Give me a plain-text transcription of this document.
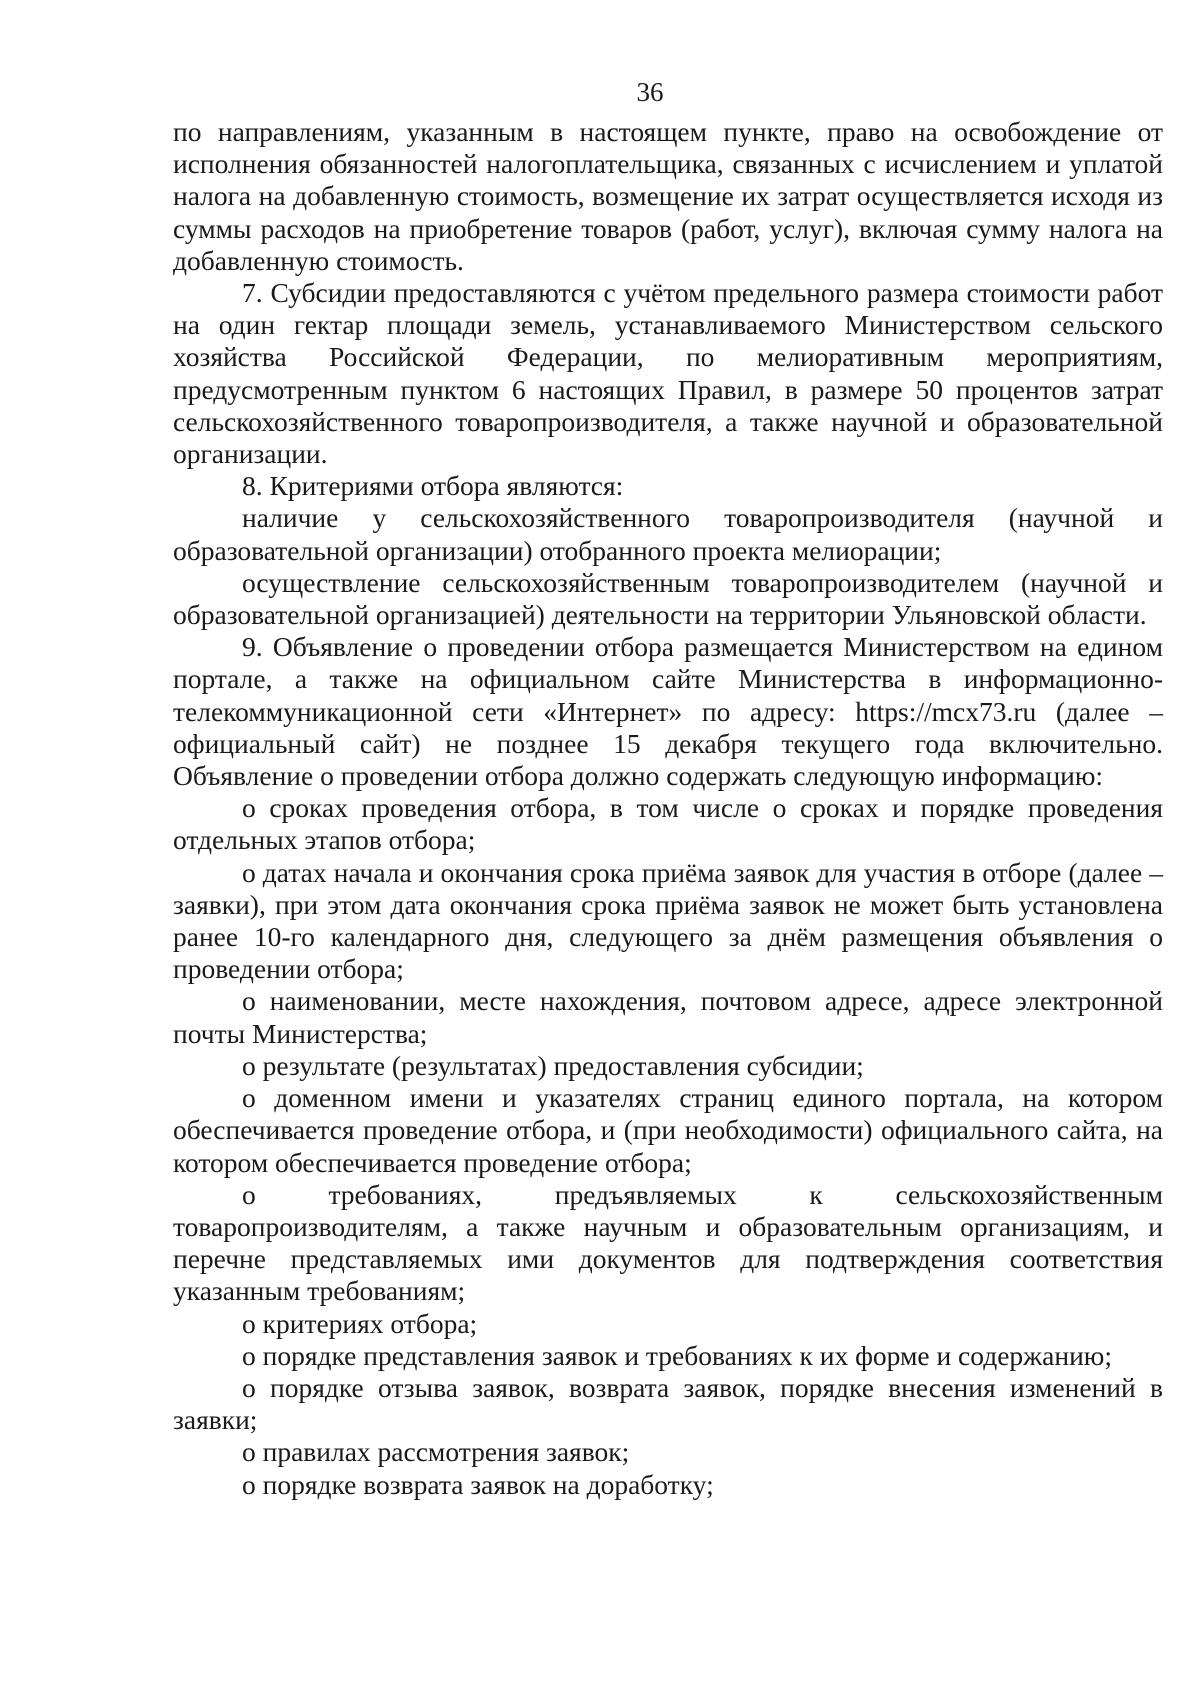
36

по направлениям, указанным в настоящем пункте, право на освобождение от исполнения обязанностей налогоплательщика, связанных с исчислением и уплатой налога на добавленную стоимость, возмещение их затрат осуществляется исходя из суммы расходов на приобретение товаров (работ, услуг), включая сумму налога на добавленную стоимость.

7. Субсидии предоставляются с учётом предельного размера стоимости работ на один гектар площади земель, устанавливаемого Министерством сельского хозяйства Российской Федерации, по мелиоративным мероприятиям, предусмотренным пунктом 6 настоящих Правил, в размере 50 процентов затрат сельскохозяйственного товаропроизводителя, а также научной и образовательной организации.

8. Критериями отбора являются:

наличие у сельскохозяйственного товаропроизводителя (научной и образовательной организации) отобранного проекта мелиорации;

осуществление сельскохозяйственным товаропроизводителем (научной и образовательной организацией) деятельности на территории Ульяновской области.

9. Объявление о проведении отбора размещается Министерством на едином портале, а также на официальном сайте Министерства в информационно-телекоммуникационной сети «Интернет» по адресу: https://mcx73.ru (далее – официальный сайт) не позднее 15 декабря текущего года включительно. Объявление о проведении отбора должно содержать следующую информацию:

о сроках проведения отбора, в том числе о сроках и порядке проведения отдельных этапов отбора;

о датах начала и окончания срока приёма заявок для участия в отборе (далее – заявки), при этом дата окончания срока приёма заявок не может быть установлена ранее 10-го календарного дня, следующего за днём размещения объявления о проведении отбора;

о наименовании, месте нахождения, почтовом адресе, адресе электронной почты Министерства;

о результате (результатах) предоставления субсидии;

о доменном имени и указателях страниц единого портала, на котором обеспечивается проведение отбора, и (при необходимости) официального сайта, на котором обеспечивается проведение отбора;

о требованиях, предъявляемых к сельскохозяйственным товаропроизводителям, а также научным и образовательным организациям, и перечне представляемых ими документов для подтверждения соответствия указанным требованиям;

о критериях отбора;

о порядке представления заявок и требованиях к их форме и содержанию;

о порядке отзыва заявок, возврата заявок, порядке внесения изменений в заявки;

о правилах рассмотрения заявок;

о порядке возврата заявок на доработку;
